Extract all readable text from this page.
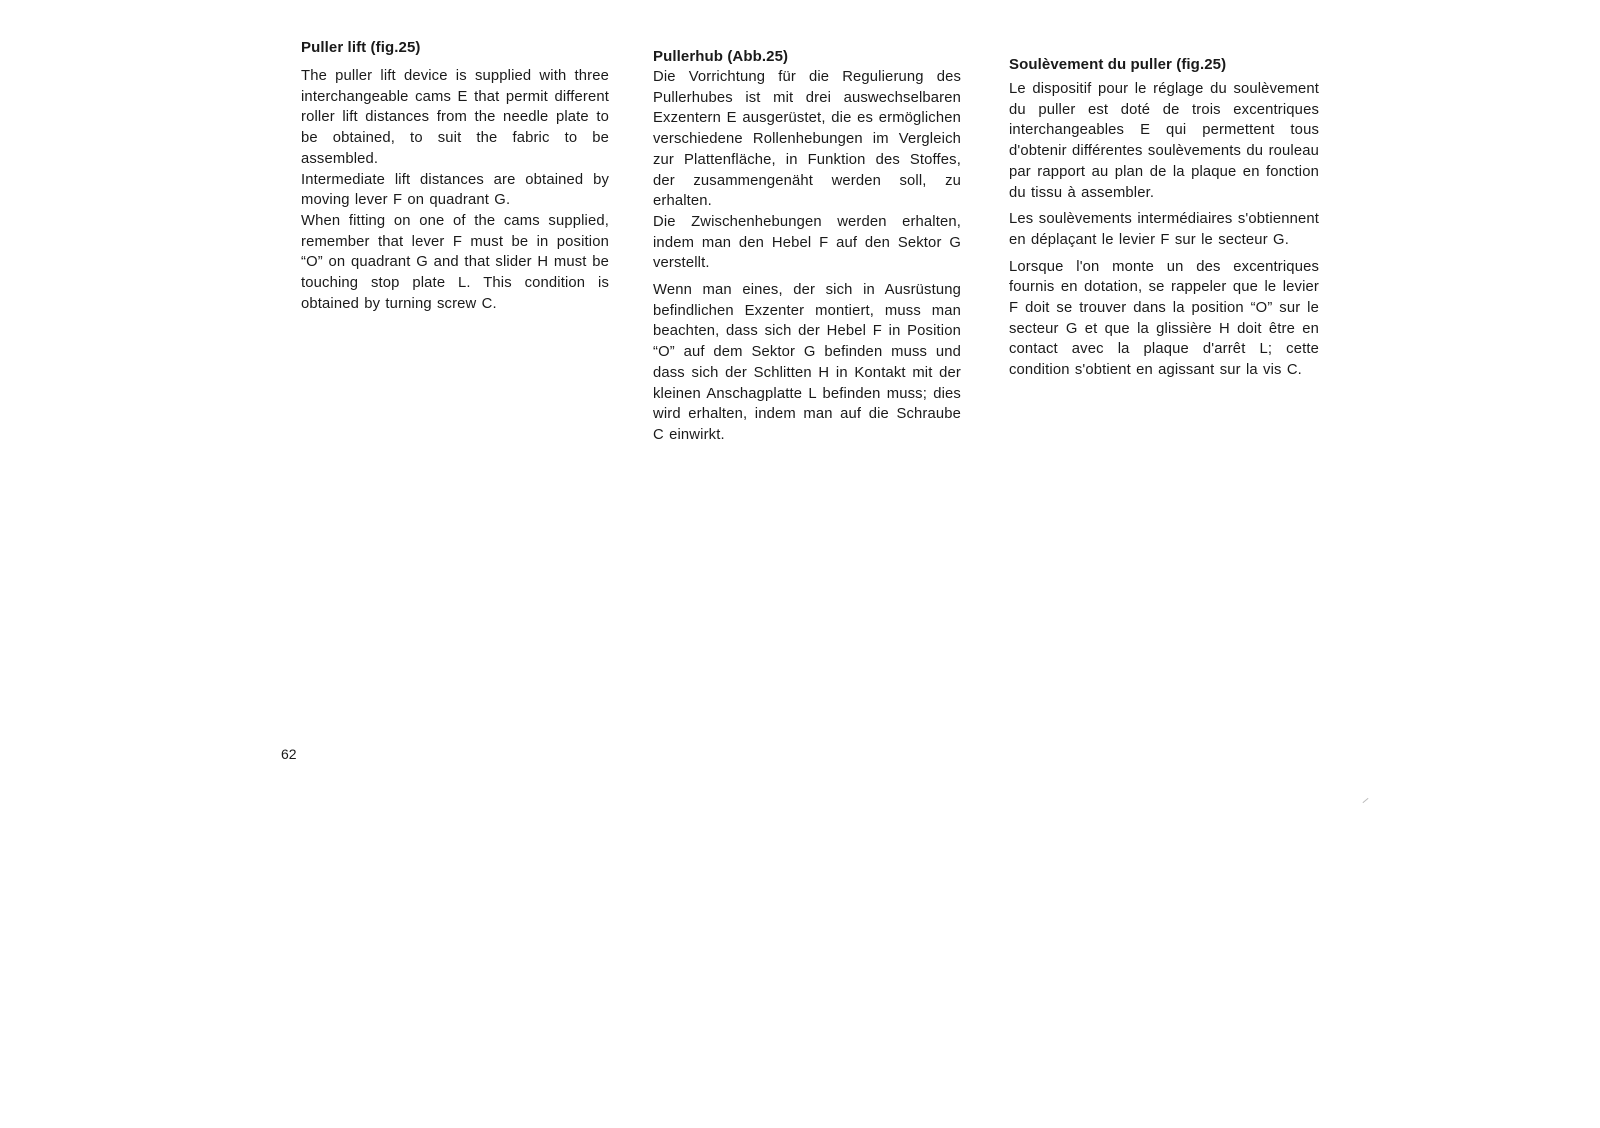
Puller lift (fig.25)

The puller lift device is supplied with three interchangeable cams E that permit different roller lift distances from the needle plate to be obtained, to suit the fabric to be assembled.

Intermediate lift distances are obtained by moving lever F on quadrant G.

When fitting on one of the cams supplied, remember that lever F must be in position “O” on quadrant G and that slider H must be touching stop plate L. This condition is obtained by turning screw C.

Pullerhub (Abb.25)

Die Vorrichtung für die Regulierung des Pullerhubes ist mit drei auswechselbaren Exzentern E ausgerüstet, die es ermöglichen verschiedene Rollenhebungen im Vergleich zur Plattenfläche, in Funktion des Stoffes, der zusammengenäht werden soll, zu erhalten.

Die Zwischenhebungen werden erhalten, indem man den Hebel F auf den Sektor G verstellt.

Wenn man eines, der sich in Ausrüstung befindlichen Exzenter montiert, muss man beachten, dass sich der Hebel F in Position “O” auf dem Sektor G befinden muss und dass sich der Schlitten H in Kontakt mit der kleinen Anschagplatte L befinden muss; dies wird erhalten, indem man auf die Schraube C einwirkt.

Soulèvement du puller (fig.25)

Le dispositif pour le réglage du soulèvement du puller est doté de trois excentriques interchangeables E qui permettent tous d'obtenir différentes soulèvements du rouleau par rapport au plan de la plaque en fonction du tissu à assembler.

Les soulèvements intermédiaires s'obtiennent en déplaçant le levier F sur le secteur G.

Lorsque l'on monte un des excentriques fournis en dotation, se rappeler que le levier F doit se trouver dans la position “O” sur le secteur G et que la glissière H doit être en contact avec la plaque d'arrêt L; cette condition s'obtient en agissant sur la vis C.

62
